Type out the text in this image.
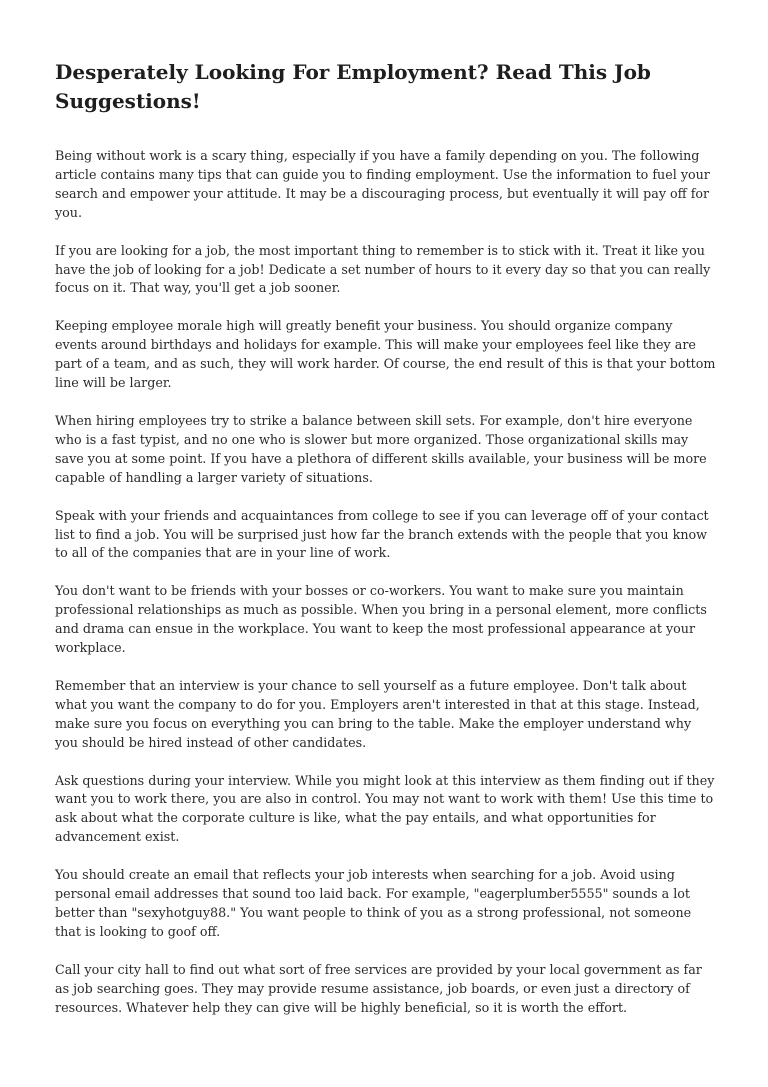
Desperately Looking For Employment? Read This Job Suggestions!

Being without work is a scary thing, especially if you have a family depending on you. The following article contains many tips that can guide you to finding employment. Use the information to fuel your search and empower your attitude. It may be a discouraging process, but eventually it will pay off for you.

If you are looking for a job, the most important thing to remember is to stick with it. Treat it like you have the job of looking for a job! Dedicate a set number of hours to it every day so that you can really focus on it. That way, you'll get a job sooner.

Keeping employee morale high will greatly benefit your business. You should organize company events around birthdays and holidays for example. This will make your employees feel like they are part of a team, and as such, they will work harder. Of course, the end result of this is that your bottom line will be larger.

When hiring employees try to strike a balance between skill sets. For example, don't hire everyone who is a fast typist, and no one who is slower but more organized. Those organizational skills may save you at some point. If you have a plethora of different skills available, your business will be more capable of handling a larger variety of situations.

Speak with your friends and acquaintances from college to see if you can leverage off of your contact list to find a job. You will be surprised just how far the branch extends with the people that you know to all of the companies that are in your line of work.

You don't want to be friends with your bosses or co-workers. You want to make sure you maintain professional relationships as much as possible. When you bring in a personal element, more conflicts and drama can ensue in the workplace. You want to keep the most professional appearance at your workplace.

Remember that an interview is your chance to sell yourself as a future employee. Don't talk about what you want the company to do for you. Employers aren't interested in that at this stage. Instead, make sure you focus on everything you can bring to the table. Make the employer understand why you should be hired instead of other candidates.

Ask questions during your interview. While you might look at this interview as them finding out if they want you to work there, you are also in control. You may not want to work with them! Use this time to ask about what the corporate culture is like, what the pay entails, and what opportunities for advancement exist.

You should create an email that reflects your job interests when searching for a job. Avoid using personal email addresses that sound too laid back. For example, "eagerplumber5555" sounds a lot better than "sexyhotguy88." You want people to think of you as a strong professional, not someone that is looking to goof off.

Call your city hall to find out what sort of free services are provided by your local government as far as job searching goes. They may provide resume assistance, job boards, or even just a directory of resources. Whatever help they can give will be highly beneficial, so it is worth the effort.
